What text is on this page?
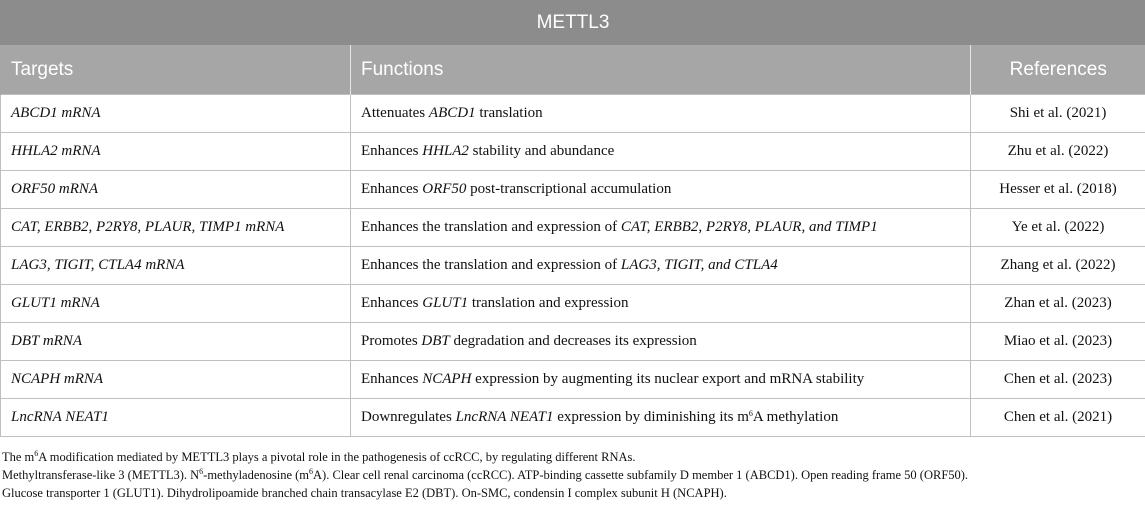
METTL3		
Targets	Functions	References
ABCD1 mRNA	Attenuates ABCD1 translation	Shi et al. (2021)
HHLA2 mRNA	Enhances HHLA2 stability and abundance	Zhu et al. (2022)
ORF50 mRNA	Enhances ORF50 post-transcriptional accumulation	Hesser et al. (2018)
CAT, ERBB2, P2RY8, PLAUR, TIMP1 mRNA	Enhances the translation and expression of CAT, ERBB2, P2RY8, PLAUR, and TIMP1	Ye et al. (2022)
LAG3, TIGIT, CTLA4 mRNA	Enhances the translation and expression of LAG3, TIGIT, and CTLA4	Zhang et al. (2022)
GLUT1 mRNA	Enhances GLUT1 translation and expression	Zhan et al. (2023)
DBT mRNA	Promotes DBT degradation and decreases its expression	Miao et al. (2023)
NCAPH mRNA	Enhances NCAPH expression by augmenting its nuclear export and mRNA stability	Chen et al. (2023)
LncRNA NEAT1	Downregulates LncRNA NEAT1 expression by diminishing its $m^6A$ methylation	Chen et al. (2021)
The $m^6A$ modification mediated by METTL3 plays a pivotal role in the pathogenesis of ccRCC, by regulating different RNAs.
Methyltransferase-like 3 (METTL3). $N^6$-methyladenosine $(m^6A)$. Clear cell renal carcinoma (ccRCC). ATP-binding cassette subfamily D member 1 (ABCD1). Open reading frame 50 (ORF50).
Glucose transporter 1 (GLUT1). Dihydrolipoamide branched chain transacylase E2 (DBT). On-SMC, condensin I complex subunit H (NCAPH).
